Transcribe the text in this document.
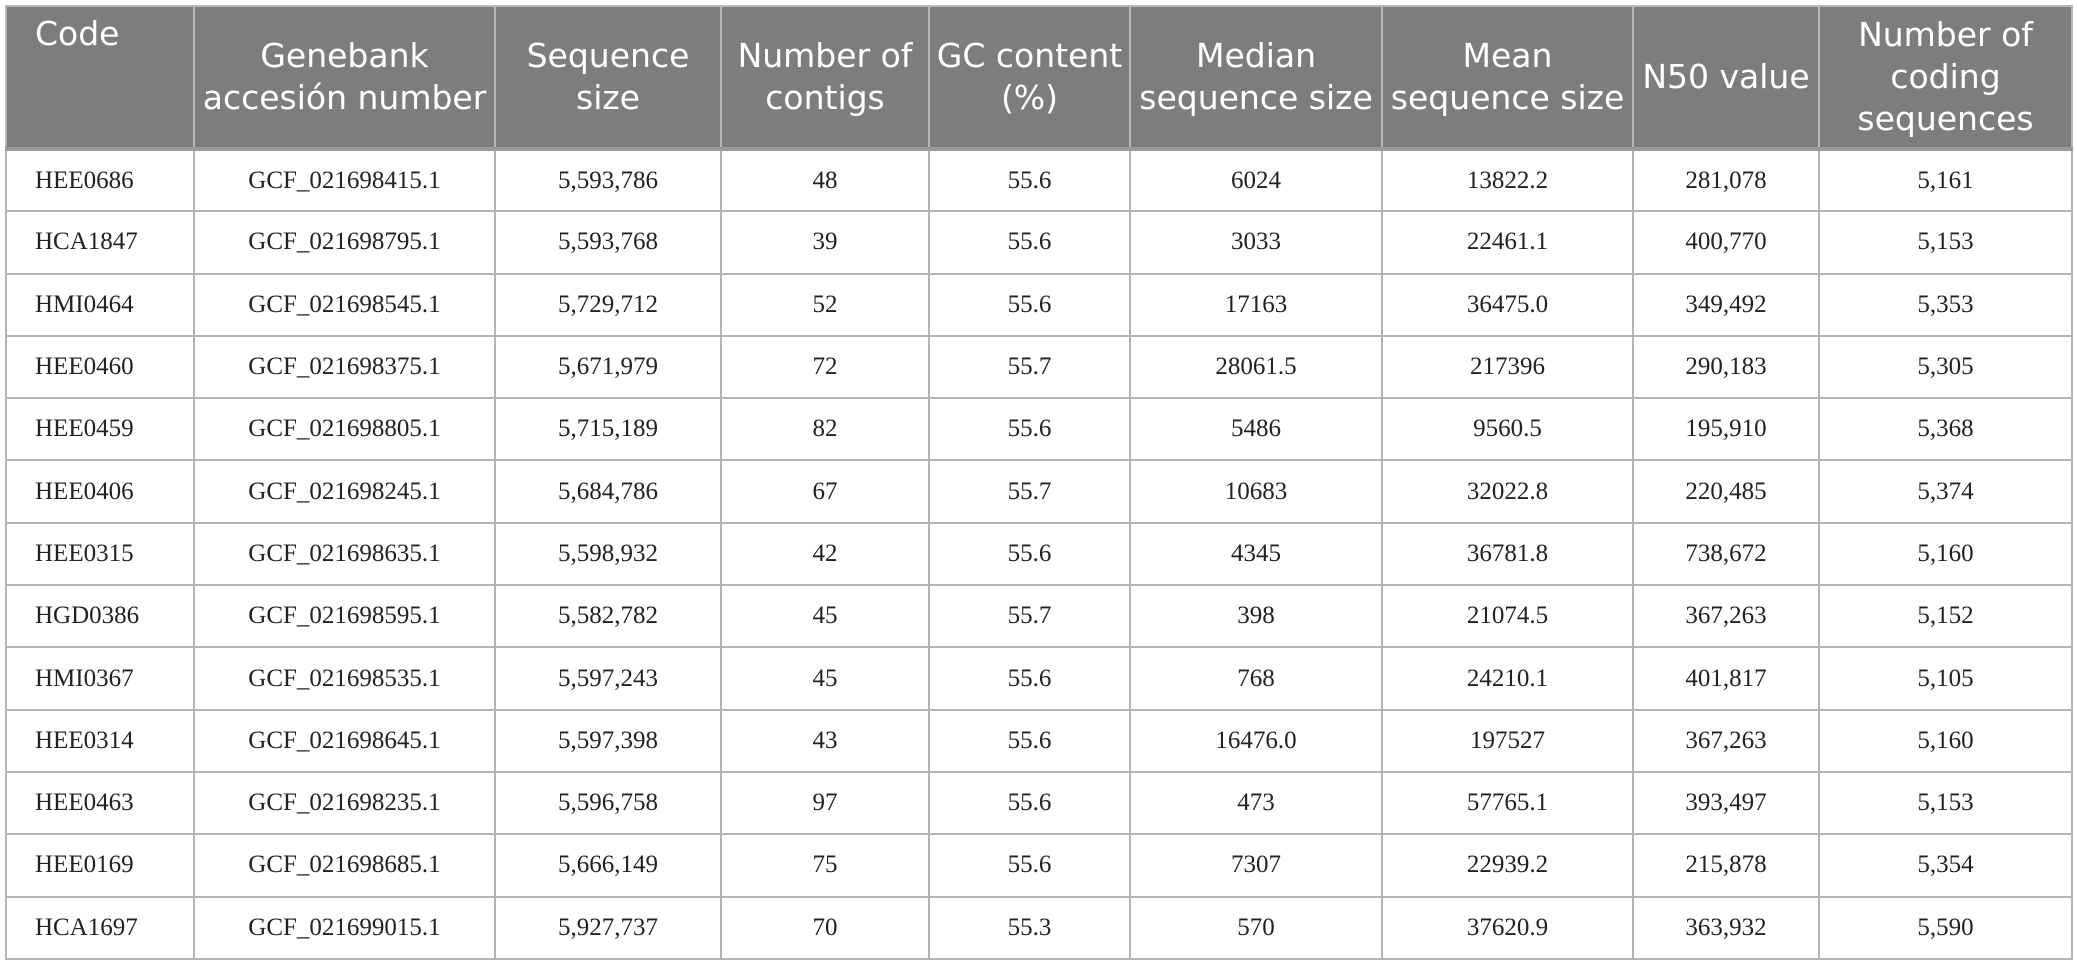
Code	Genebank accesión number	Sequence size	Number of contigs	GC content (%)	Median sequence size	Mean sequence size	N50 value	Number of coding sequences
HEE0686	GCF_021698415.1	5,593,786	48	55.6	6024	13822.2	281,078	5,161
HCA1847	GCF_021698795.1	5,593,768	39	55.6	3033	22461.1	400,770	5,153
HMI0464	GCF_021698545.1	5,729,712	52	55.6	17163	36475.0	349,492	5,353
HEE0460	GCF_021698375.1	5,671,979	72	55.7	28061.5	217396	290,183	5,305
HEE0459	GCF_021698805.1	5,715,189	82	55.6	5486	9560.5	195,910	5,368
HEE0406	GCF_021698245.1	5,684,786	67	55.7	10683	32022.8	220,485	5,374
HEE0315	GCF_021698635.1	5,598,932	42	55.6	4345	36781.8	738,672	5,160
HGD0386	GCF_021698595.1	5,582,782	45	55.7	398	21074.5	367,263	5,152
HMI0367	GCF_021698535.1	5,597,243	45	55.6	768	24210.1	401,817	5,105
HEE0314	GCF_021698645.1	5,597,398	43	55.6	16476.0	197527	367,263	5,160
HEE0463	GCF_021698235.1	5,596,758	97	55.6	473	57765.1	393,497	5,153
HEE0169	GCF_021698685.1	5,666,149	75	55.6	7307	22939.2	215,878	5,354
HCA1697	GCF_021699015.1	5,927,737	70	55.3	570	37620.9	363,932	5,590
